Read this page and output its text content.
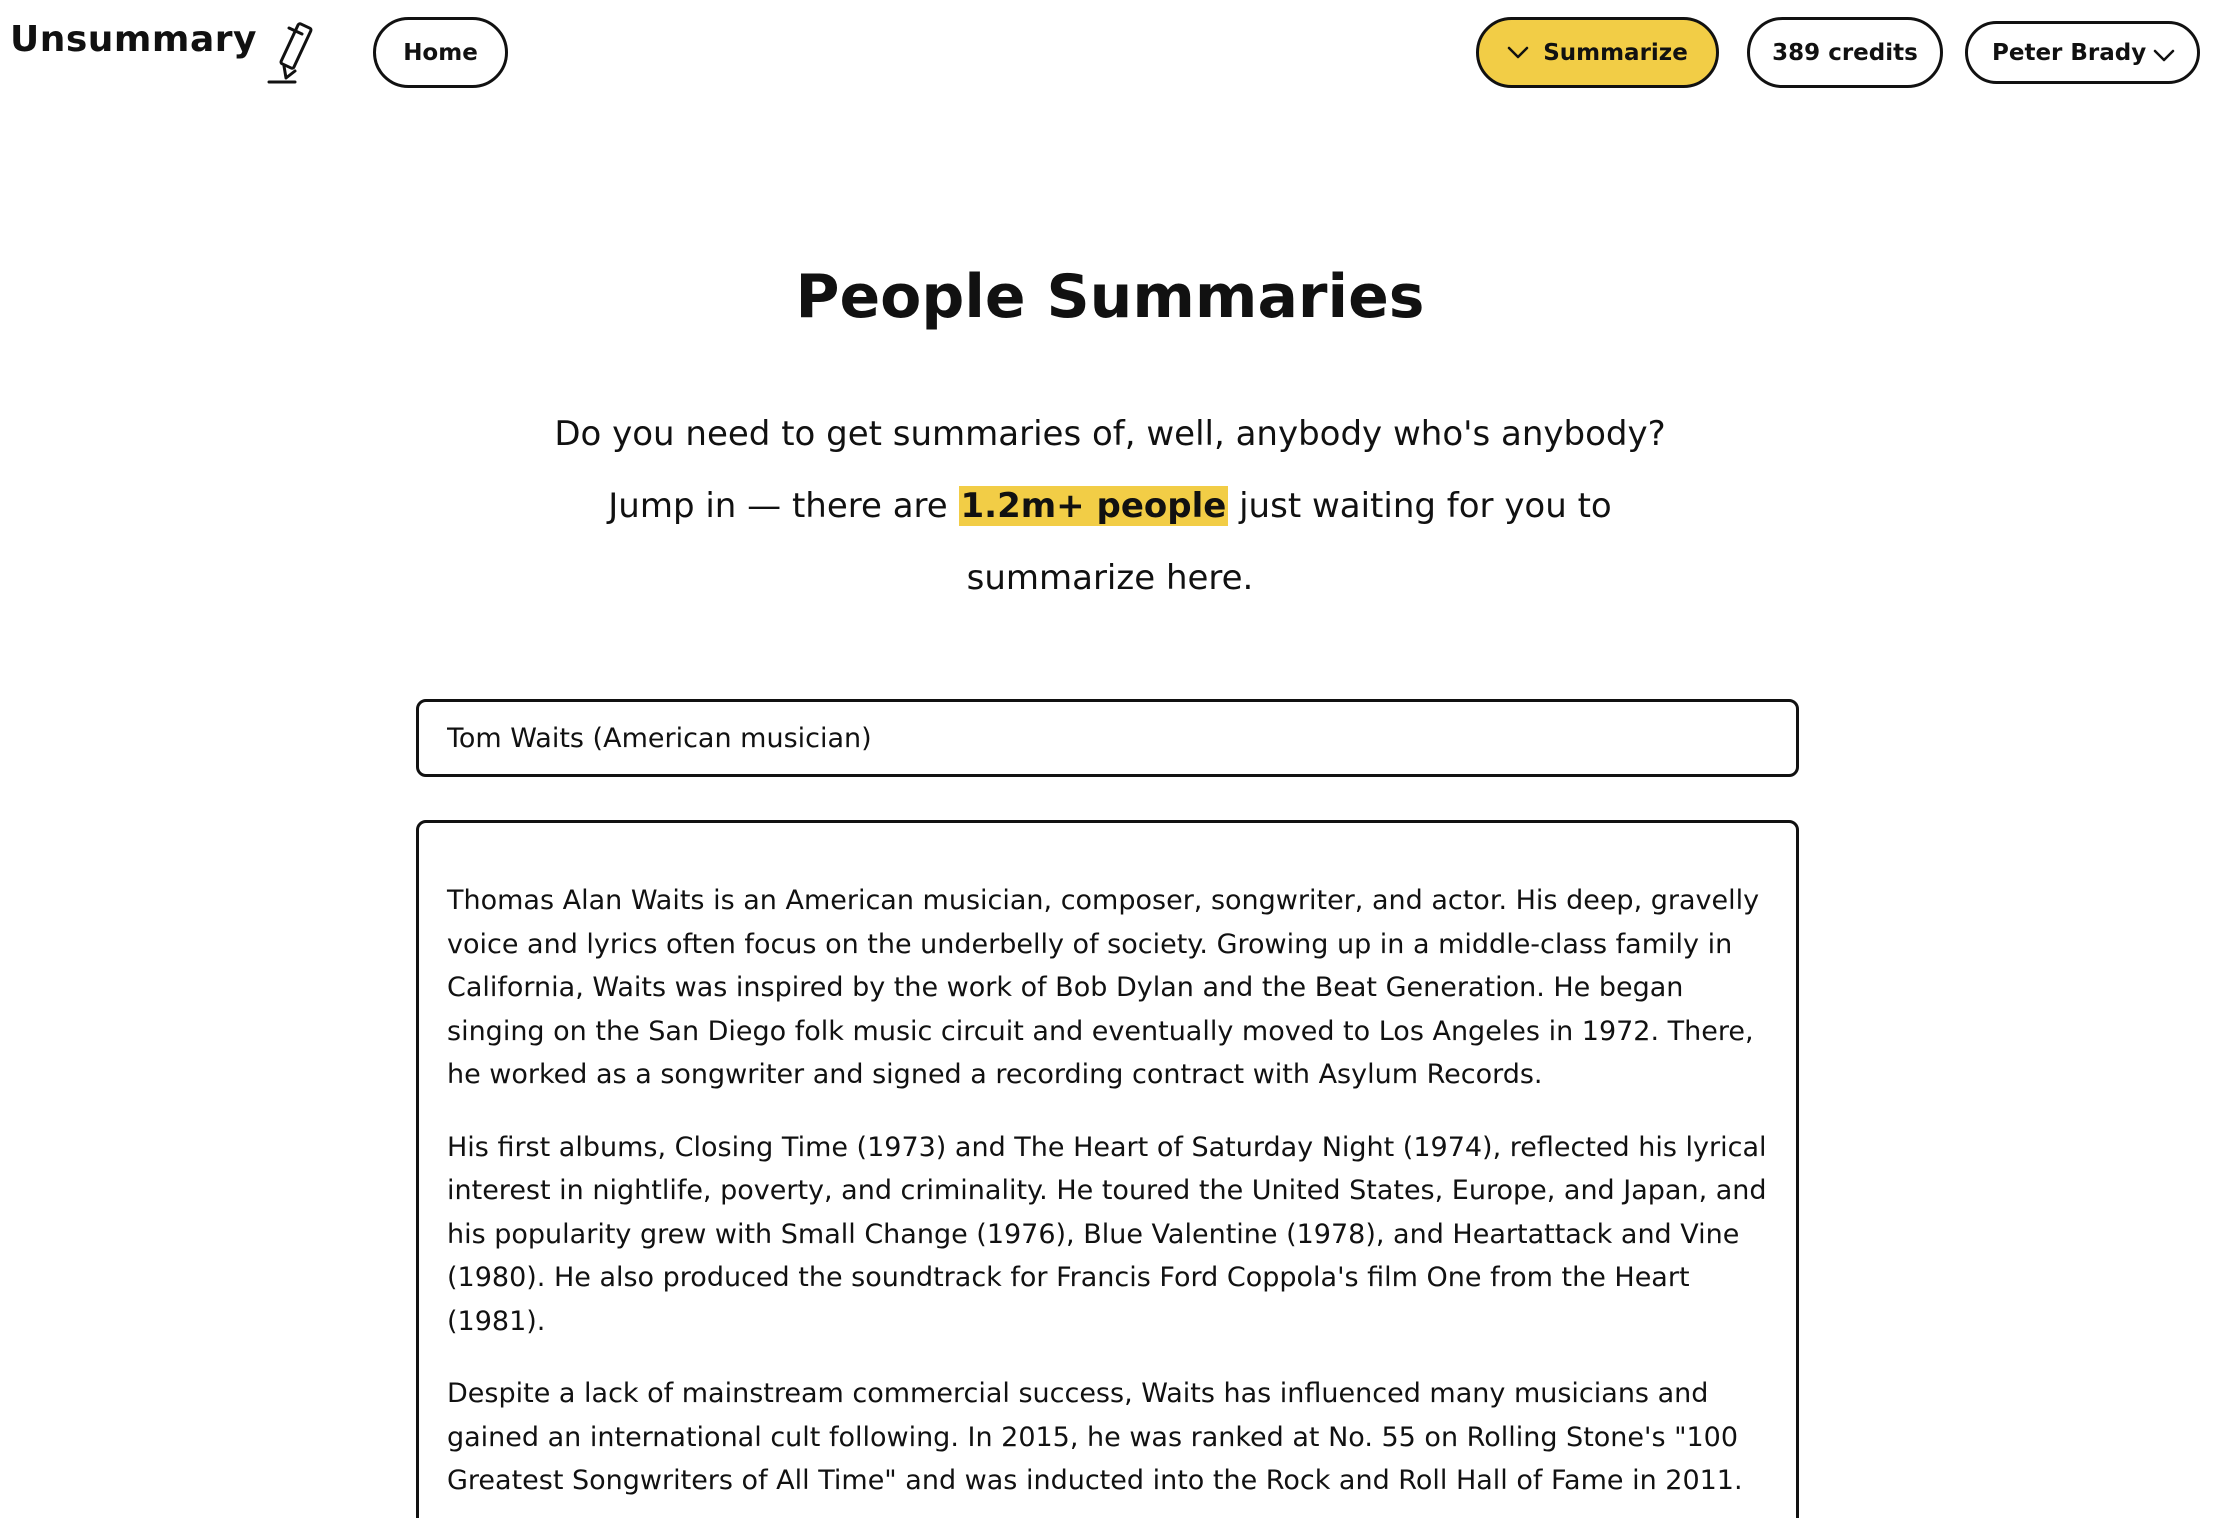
Unsummary	Home	Summarize	389 credits	Peter Brady
People Summaries
Do you need to get summaries of, well, anybody who's anybody?
Jump in — there are 1.2m+ people just waiting for you to summarize here.
Tom Waits (American musician)

Thomas Alan Waits is an American musician, composer, songwriter, and actor. His deep, gravelly voice and lyrics often focus on the underbelly of society. Growing up in a middle-class family in California, Waits was inspired by the work of Bob Dylan and the Beat Generation. He began singing on the San Diego folk music circuit and eventually moved to Los Angeles in 1972. There, he worked as a songwriter and signed a recording contract with Asylum Records.

His first albums, Closing Time (1973) and The Heart of Saturday Night (1974), reflected his lyrical interest in nightlife, poverty, and criminality. He toured the United States, Europe, and Japan, and his popularity grew with Small Change (1976), Blue Valentine (1978), and Heartattack and Vine (1980). He also produced the soundtrack for Francis Ford Coppola's film One from the Heart (1981).

Despite a lack of mainstream commercial success, Waits has influenced many musicians and gained an international cult following. In 2015, he was ranked at No. 55 on Rolling Stone's "100 Greatest Songwriters of All Time" and was inducted into the Rock and Roll Hall of Fame in 2011.
